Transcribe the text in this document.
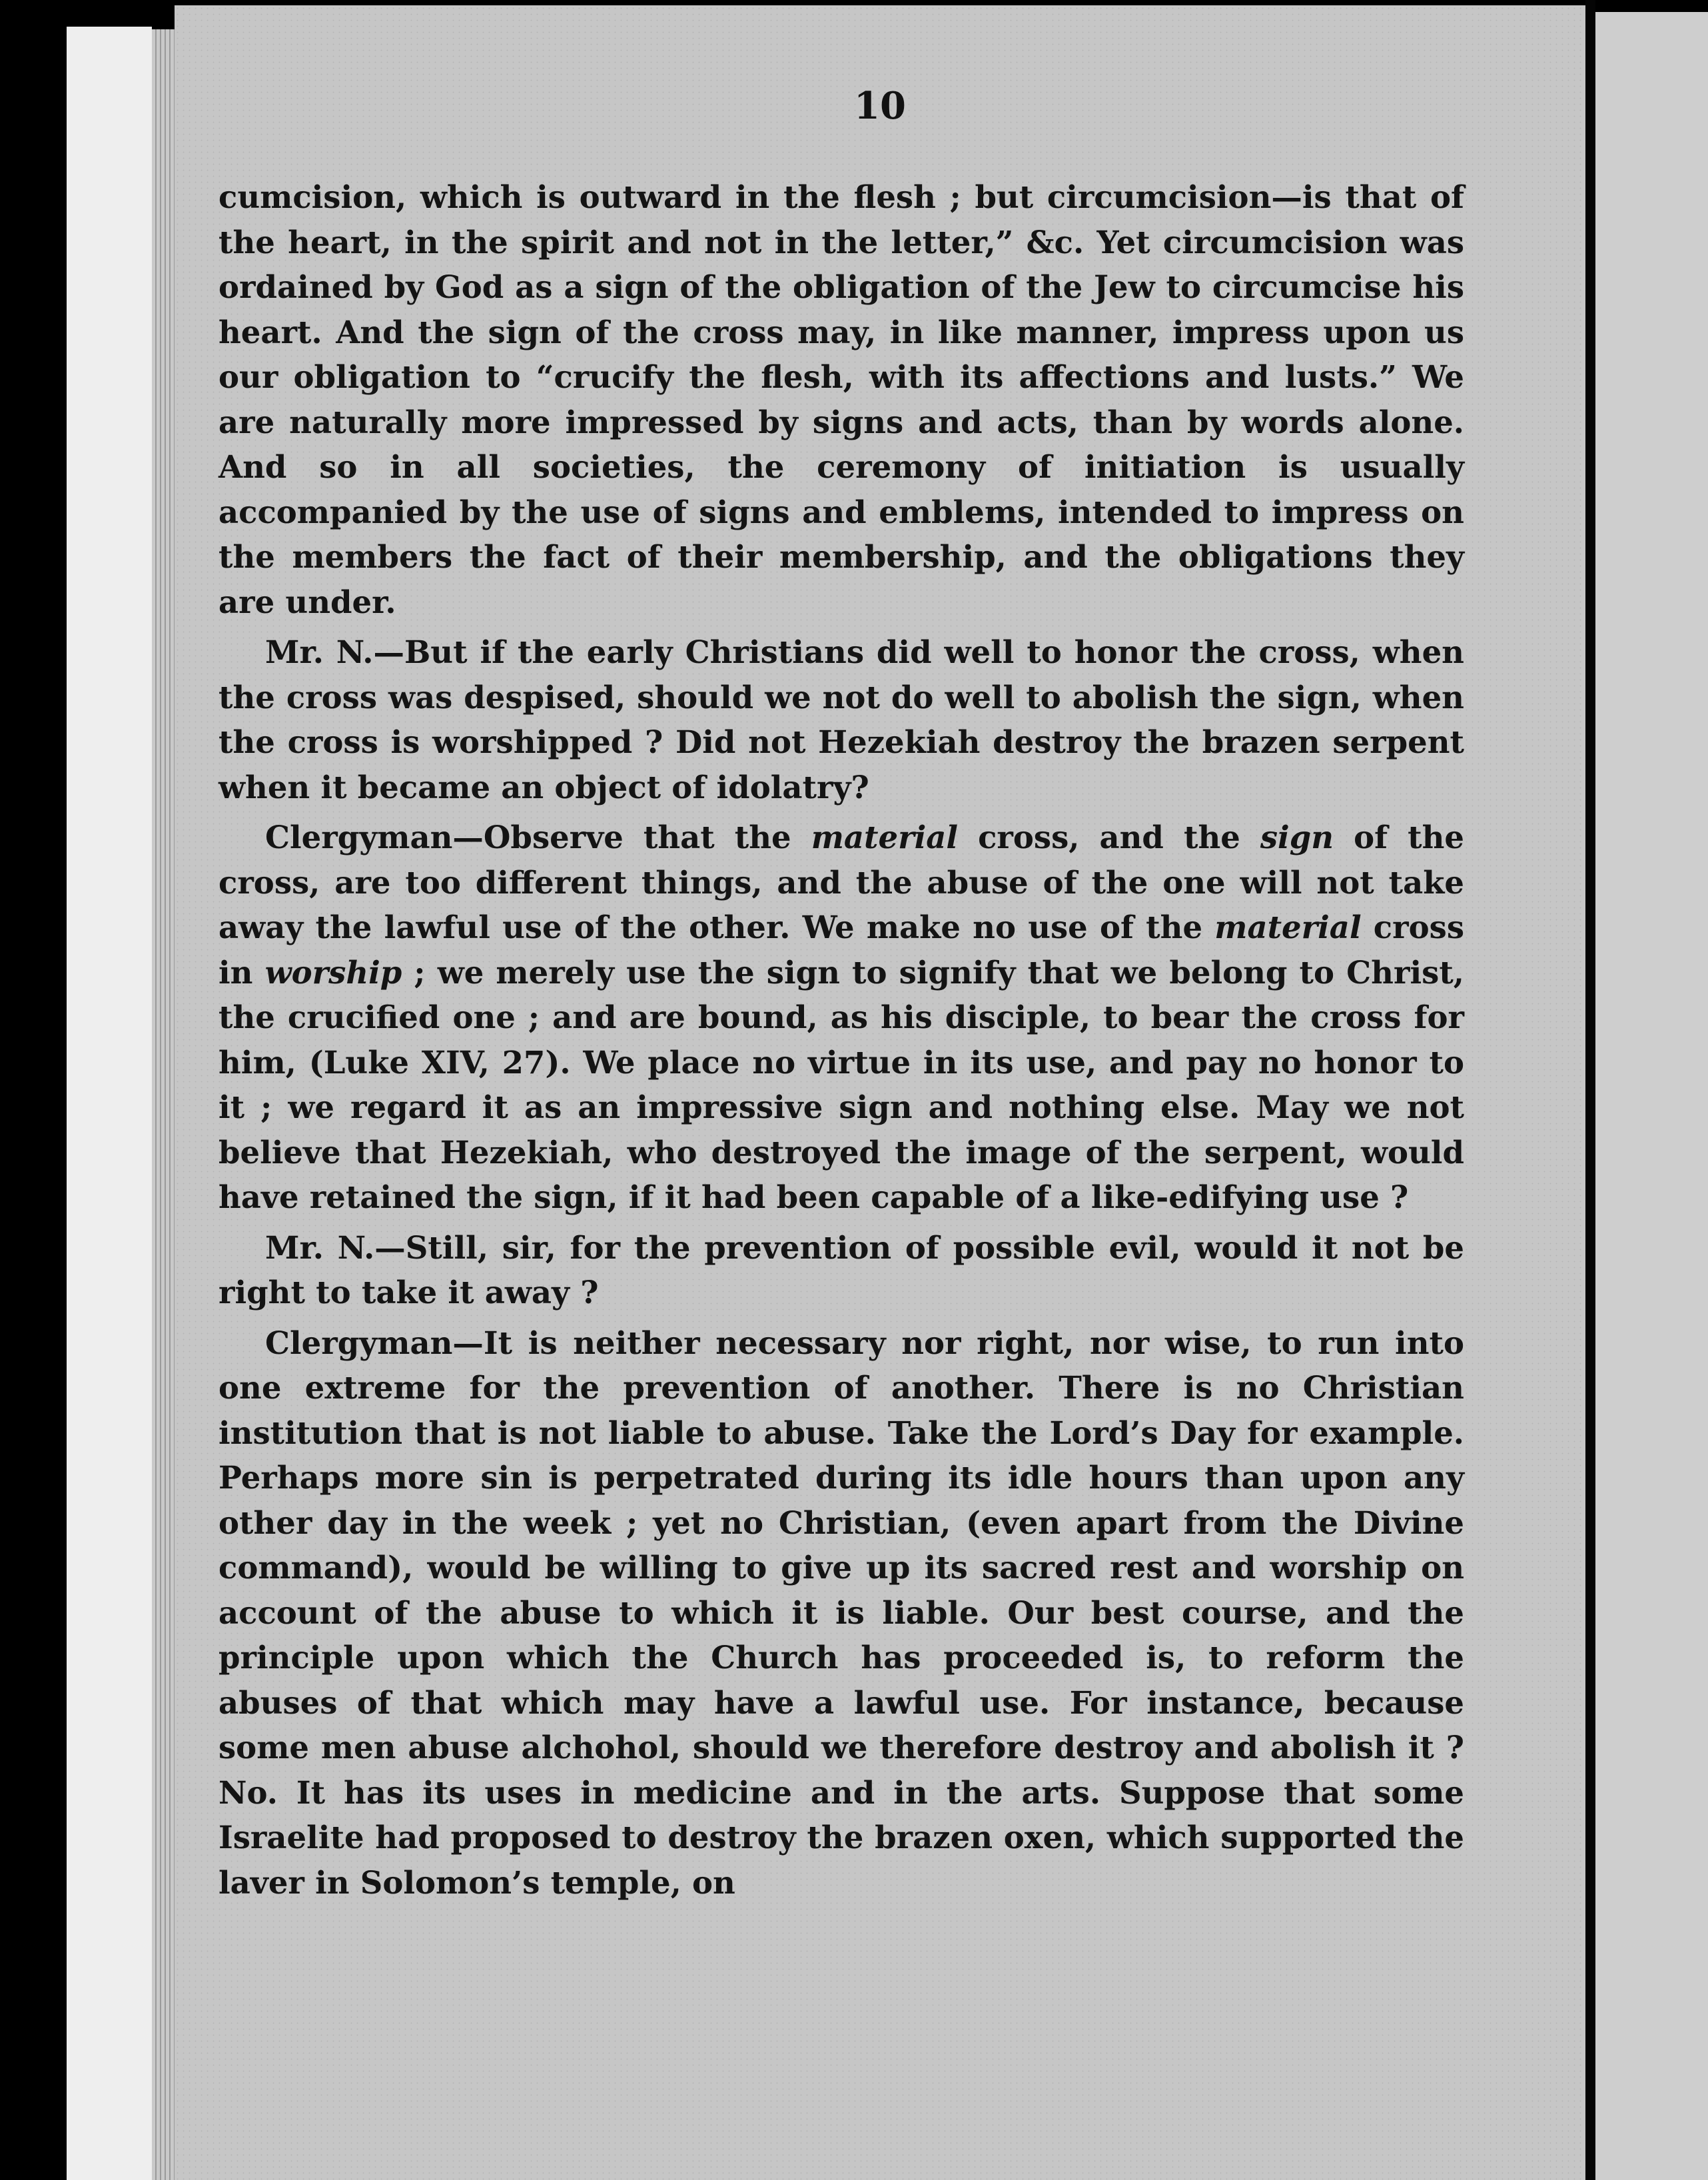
10

cumcision, which is outward in the flesh ; but circumcision—is that of the heart, in the spirit and not in the letter,” &c. Yet circumcision was ordained by God as a sign of the obligation of the Jew to circumcise his heart. And the sign of the cross may, in like manner, impress upon us our obligation to “crucify the flesh, with its affections and lusts.” We are naturally more impressed by signs and acts, than by words alone. And so in all societies, the ceremony of initiation is usually accompanied by the use of signs and emblems, intended to impress on the members the fact of their membership, and the obligations they are under.

Mr. N.—But if the early Christians did well to honor the cross, when the cross was despised, should we not do well to abolish the sign, when the cross is worshipped ? Did not Hezekiah destroy the brazen serpent when it became an object of idolatry?

Clergyman—Observe that the material cross, and the sign of the cross, are too different things, and the abuse of the one will not take away the lawful use of the other. We make no use of the material cross in worship ; we merely use the sign to signify that we belong to Christ, the crucified one ; and are bound, as his disciple, to bear the cross for him, (Luke XIV, 27). We place no virtue in its use, and pay no honor to it ; we regard it as an impressive sign and nothing else. May we not believe that Hezekiah, who destroyed the image of the serpent, would have retained the sign, if it had been capable of a like-edifying use ?

Mr. N.—Still, sir, for the prevention of possible evil, would it not be right to take it away ?

Clergyman—It is neither necessary nor right, nor wise, to run into one extreme for the prevention of another. There is no Christian institution that is not liable to abuse. Take the Lord’s Day for example. Perhaps more sin is perpetrated during its idle hours than upon any other day in the week ; yet no Christian, (even apart from the Divine command), would be willing to give up its sacred rest and worship on account of the abuse to which it is liable. Our best course, and the principle upon which the Church has proceeded is, to reform the abuses of that which may have a lawful use. For instance, because some men abuse alchohol, should we therefore destroy and abolish it ? No. It has its uses in medicine and in the arts. Suppose that some Israelite had proposed to destroy the brazen oxen, which supported the laver in Solomon’s temple, on
